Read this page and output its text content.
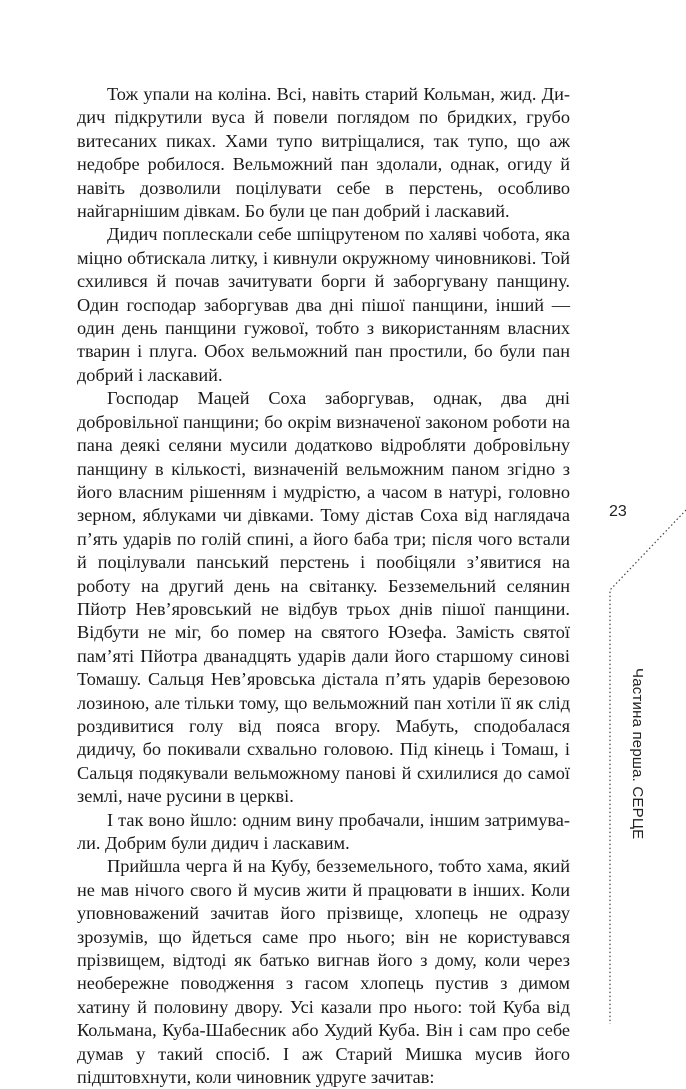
Тож упали на коліна. Всі, навіть старий Кольман, жид. Дидич підкрутили вуса й повели поглядом по бридких, грубо витесаних пиках. Хами тупо витріщалися, так тупо, що аж недобре робилося. Вельможний пан здолали, однак, огиду й навіть дозволили поцілувати себе в перстень, особливо найгарнішим дівкам. Бо були це пан добрий і ласкавий.

Дидич поплескали себе шпіцрутеном по халяві чобота, яка міцно обтискала литку, і кивнули окружному чиновникові. Той схилився й почав зачитувати борги й заборгувану панщину. Один господар заборгував два дні пішої панщини, інший — один день панщини гужової, тобто з використанням власних тварин і плуга. Обох вельможний пан простили, бо були пан добрий і ласкавий.

Господар Мацей Соха заборгував, однак, два дні добровільної панщини; бо окрім визначеної законом роботи на пана деякі селяни мусили додатково відробляти добровільну панщину в кількості, визначеній вельможним паном згідно з його власним рішенням і мудрістю, а часом в натурі, головно зерном, яблуками чи дівками. Тому дістав Соха від наглядача п’ять ударів по голій спині, а його баба три; після чого встали й поцілували панський перстень і пообіцяли з’явитися на роботу на другий день на світанку. Безземельний селянин Пйотр Нев’яровський не відбув трьох днів пішої панщини. Відбути не міг, бо помер на святого Юзефа. Замість святої пам’яті Пйотра дванадцять ударів дали його старшому синові Томашу. Сальця Нев’яровська дістала п’ять ударів березовою лозиною, але тільки тому, що вельможний пан хотіли її як слід роздивитися голу від пояса вгору. Мабуть, сподобалася дидичу, бо покивали схвально головою. Під кінець і Томаш, і Сальця подякували вельможному панові й схилилися до самої землі, наче русини в церкві.

І так воно йшло: одним вину пробачали, іншим затримували. Добрим були дидич і ласкавим.

Прийшла черга й на Кубу, безземельного, тобто хама, який не мав нічого свого й мусив жити й працювати в інших. Коли уповноважений зачитав його прізвище, хлопець не одразу зрозумів, що йдеться саме про нього; він не користувався прізвищем, відтоді як батько вигнав його з дому, коли через необережне поводження з гасом хлопець пустив з димом хатину й половину двору. Усі казали про нього: той Куба від Кольмана, Куба-Шабесник або Худий Куба. Він і сам про себе думав у такий спосіб. І аж Старий Мишка мусив його підштовхнути, коли чиновник удруге зачитав:

23
Частина перша. СЕРЦЕ
